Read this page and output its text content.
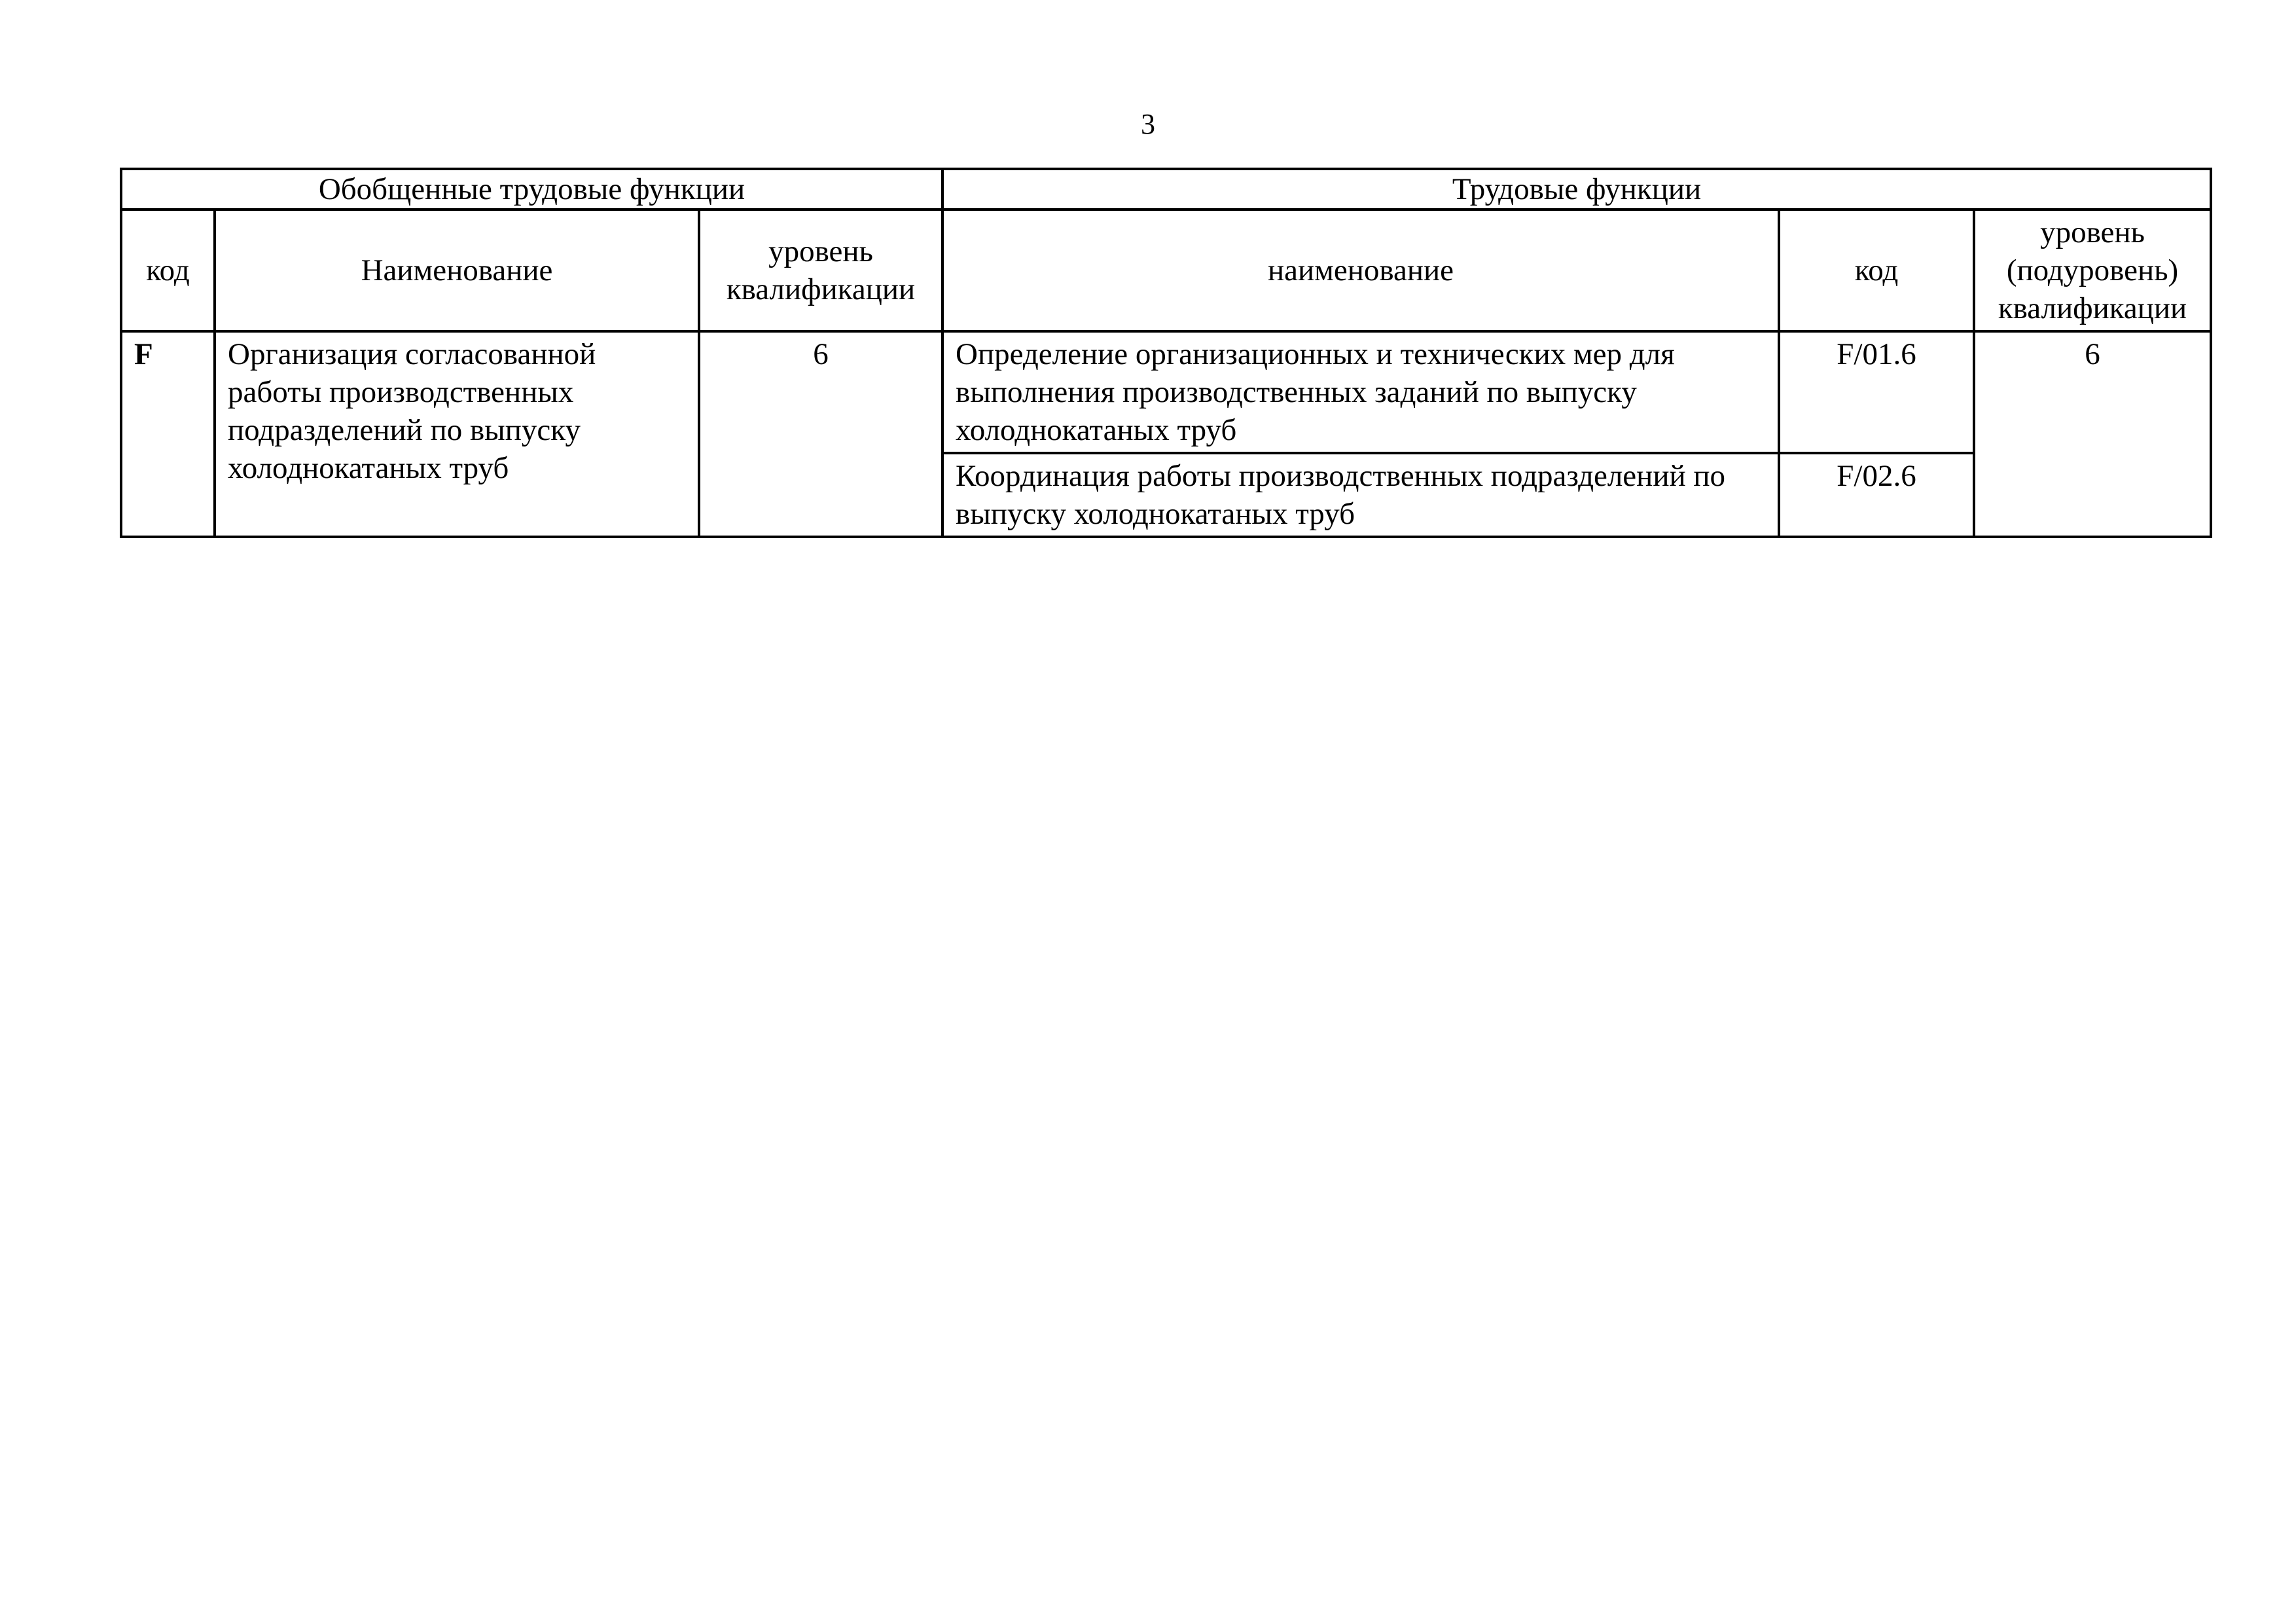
3
Обобщенные трудовые функции			Трудовые функции		
код	Наименование	уровень квалификации	наименование	код	уровень (подуровень) квалификации
F	Организация согласованной работы производственных подразделений по выпуску холоднокатаных труб	6	Определение организационных и технических мер для выполнения производственных заданий по выпуску холоднокатаных труб	F/01.6	6
			Координация работы производственных подразделений по выпуску холоднокатаных труб	F/02.6	
